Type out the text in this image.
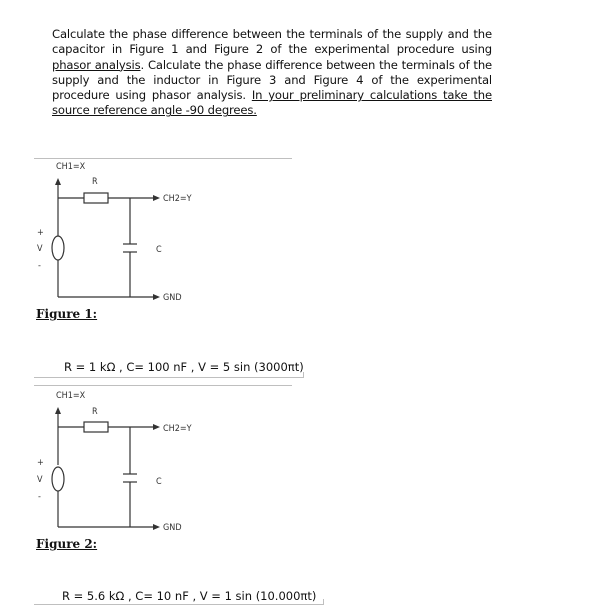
Calculate the phase difference between the terminals of the supply and the capacitor in Figure 1 and Figure 2 of the experimental procedure using phasor analysis. Calculate the phase difference between the terminals of the supply and the inductor in Figure 3 and Figure 4 of the experimental procedure using phasor analysis. In your preliminary calculations take the source reference angle -90 degrees.
CH1=X
R
CH2=Y
C
GND
+
V
-
CH1=X
R
CH2=Y
C
GND
+
V
-
Figure 1:
R = 1 kΩ , C= 100 nF , V = 5 sin (3000πt)
Figure 2:
R = 5.6 kΩ , C= 10 nF , V = 1 sin (10.000πt)
